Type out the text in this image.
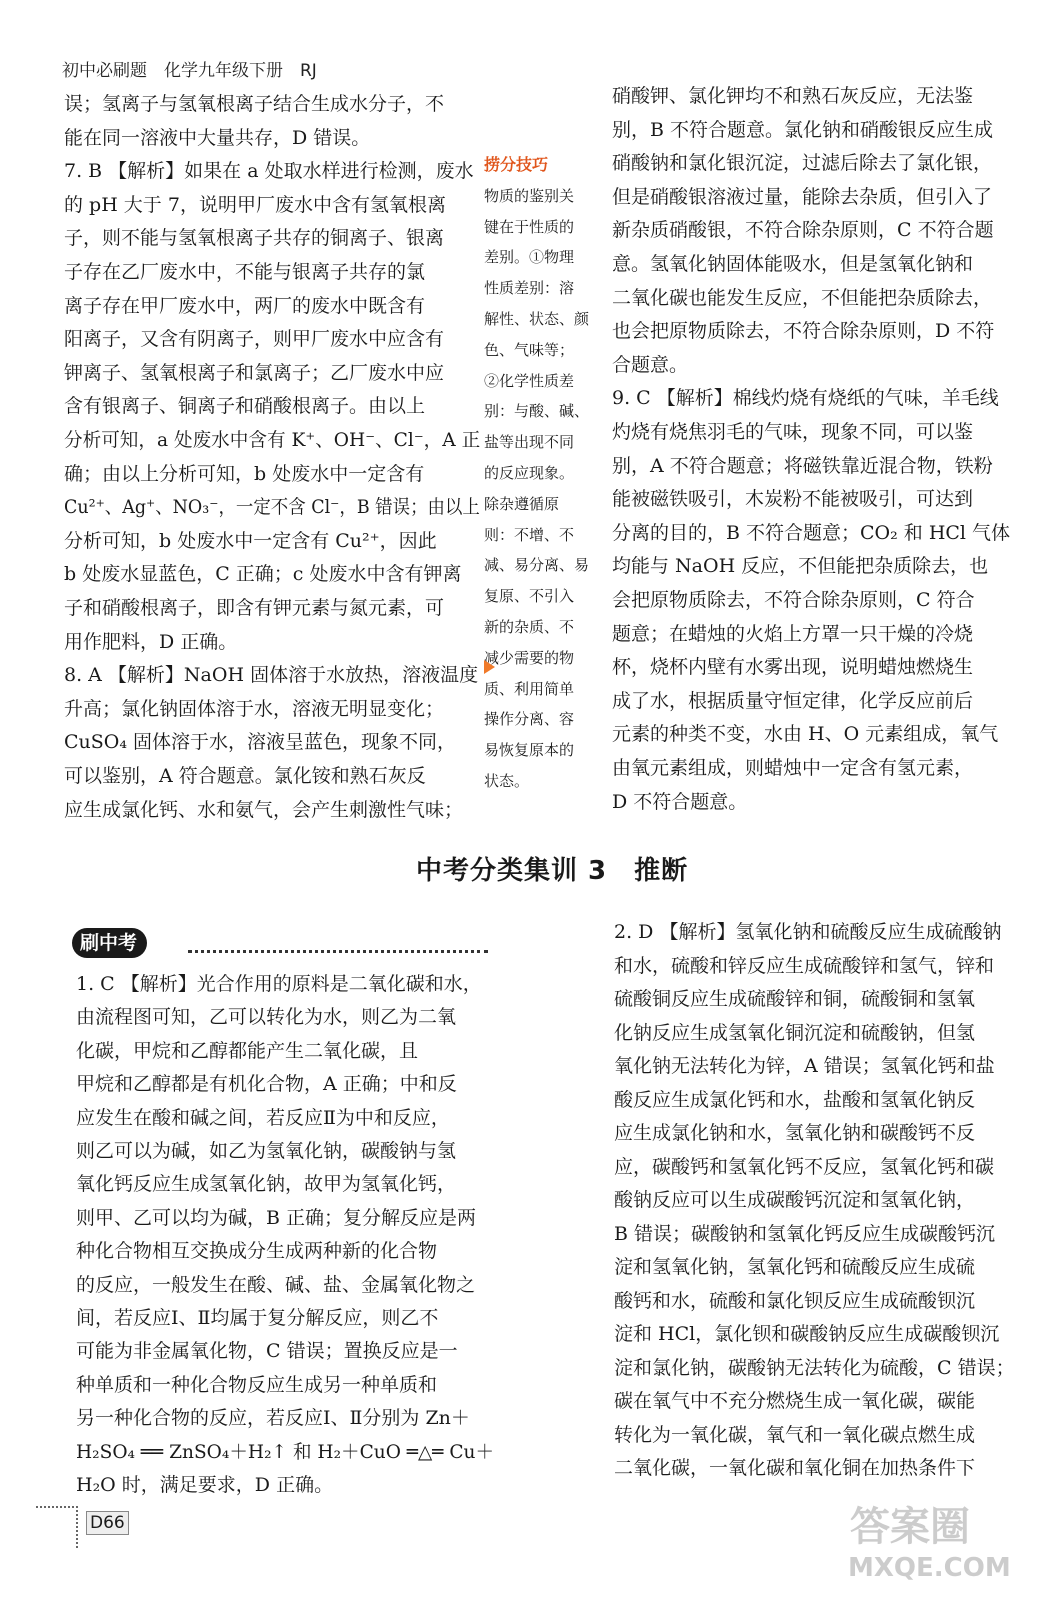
初中必刷题　化学九年级下册　RJ
误；氢离子与氢氧根离子结合生成水分子，不
能在同一溶液中大量共存，D 错误。
7. B 【解析】如果在 a 处取水样进行检测，废水
的 pH 大于 7，说明甲厂废水中含有氢氧根离
子，则不能与氢氧根离子共存的铜离子、银离
子存在乙厂废水中，不能与银离子共存的氯
离子存在甲厂废水中，两厂的废水中既含有
阳离子，又含有阴离子，则甲厂废水中应含有
钾离子、氢氧根离子和氯离子；乙厂废水中应
含有银离子、铜离子和硝酸根离子。由以上
分析可知，a 处废水中含有 K⁺、OH⁻、Cl⁻，A 正
确；由以上分析可知，b 处废水中一定含有
Cu²⁺、Ag⁺、NO₃⁻，一定不含 Cl⁻，B 错误；由以上
分析可知，b 处废水中一定含有 Cu²⁺，因此
b 处废水显蓝色，C 正确；c 处废水中含有钾离
子和硝酸根离子，即含有钾元素与氮元素，可
用作肥料，D 正确。
8. A 【解析】NaOH 固体溶于水放热，溶液温度
升高；氯化钠固体溶于水，溶液无明显变化；
CuSO₄ 固体溶于水，溶液呈蓝色，现象不同，
可以鉴别，A 符合题意。氯化铵和熟石灰反
应生成氯化钙、水和氨气，会产生刺激性气味；
捞分技巧
物质的鉴别关
键在于性质的
差别。①物理
性质差别：溶
解性、状态、颜
色、气味等；
②化学性质差
别：与酸、碱、
盐等出现不同
的反应现象。
除杂遵循原
则：不增、不
减、易分离、易
复原、不引入
新的杂质、不
减少需要的物
质、利用简单
操作分离、容
易恢复原本的
状态。
硝酸钾、氯化钾均不和熟石灰反应，无法鉴
别，B 不符合题意。氯化钠和硝酸银反应生成
硝酸钠和氯化银沉淀，过滤后除去了氯化银，
但是硝酸银溶液过量，能除去杂质，但引入了
新杂质硝酸银，不符合除杂原则，C 不符合题
意。氢氧化钠固体能吸水，但是氢氧化钠和
二氧化碳也能发生反应，不但能把杂质除去，
也会把原物质除去，不符合除杂原则，D 不符
合题意。
9. C 【解析】棉线灼烧有烧纸的气味，羊毛线
灼烧有烧焦羽毛的气味，现象不同，可以鉴
别，A 不符合题意；将磁铁靠近混合物，铁粉
能被磁铁吸引，木炭粉不能被吸引，可达到
分离的目的，B 不符合题意；CO₂ 和 HCl 气体
均能与 NaOH 反应，不但能把杂质除去，也
会把原物质除去，不符合除杂原则，C 符合
题意；在蜡烛的火焰上方罩一只干燥的冷烧
杯，烧杯内壁有水雾出现，说明蜡烛燃烧生
成了水，根据质量守恒定律，化学反应前后
元素的种类不变，水由 H、O 元素组成，氧气
由氧元素组成，则蜡烛中一定含有氢元素，
D 不符合题意。
中考分类集训 3　推断
刷中考
1. C 【解析】光合作用的原料是二氧化碳和水，
由流程图可知，乙可以转化为水，则乙为二氧
化碳，甲烷和乙醇都能产生二氧化碳，且
甲烷和乙醇都是有机化合物，A 正确；中和反
应发生在酸和碱之间，若反应Ⅱ为中和反应，
则乙可以为碱，如乙为氢氧化钠，碳酸钠与氢
氧化钙反应生成氢氧化钠，故甲为氢氧化钙，
则甲、乙可以均为碱，B 正确；复分解反应是两
种化合物相互交换成分生成两种新的化合物
的反应，一般发生在酸、碱、盐、金属氧化物之
间，若反应Ⅰ、Ⅱ均属于复分解反应，则乙不
可能为非金属氧化物，C 错误；置换反应是一
种单质和一种化合物反应生成另一种单质和
另一种化合物的反应，若反应Ⅰ、Ⅱ分别为 Zn＋
H₂SO₄ ══ ZnSO₄＋H₂↑ 和 H₂＋CuO ═△═ Cu＋
H₂O 时，满足要求，D 正确。
2. D 【解析】氢氧化钠和硫酸反应生成硫酸钠
和水，硫酸和锌反应生成硫酸锌和氢气，锌和
硫酸铜反应生成硫酸锌和铜，硫酸铜和氢氧
化钠反应生成氢氧化铜沉淀和硫酸钠，但氢
氧化钠无法转化为锌，A 错误；氢氧化钙和盐
酸反应生成氯化钙和水，盐酸和氢氧化钠反
应生成氯化钠和水，氢氧化钠和碳酸钙不反
应，碳酸钙和氢氧化钙不反应，氢氧化钙和碳
酸钠反应可以生成碳酸钙沉淀和氢氧化钠，
B 错误；碳酸钠和氢氧化钙反应生成碳酸钙沉
淀和氢氧化钠，氢氧化钙和硫酸反应生成硫
酸钙和水，硫酸和氯化钡反应生成硫酸钡沉
淀和 HCl，氯化钡和碳酸钠反应生成碳酸钡沉
淀和氯化钠，碳酸钠无法转化为硫酸，C 错误；
碳在氧气中不充分燃烧生成一氧化碳，碳能
转化为一氧化碳，氧气和一氧化碳点燃生成
二氧化碳，一氧化碳和氧化铜在加热条件下
D66	答案圈
MXQE.COM
